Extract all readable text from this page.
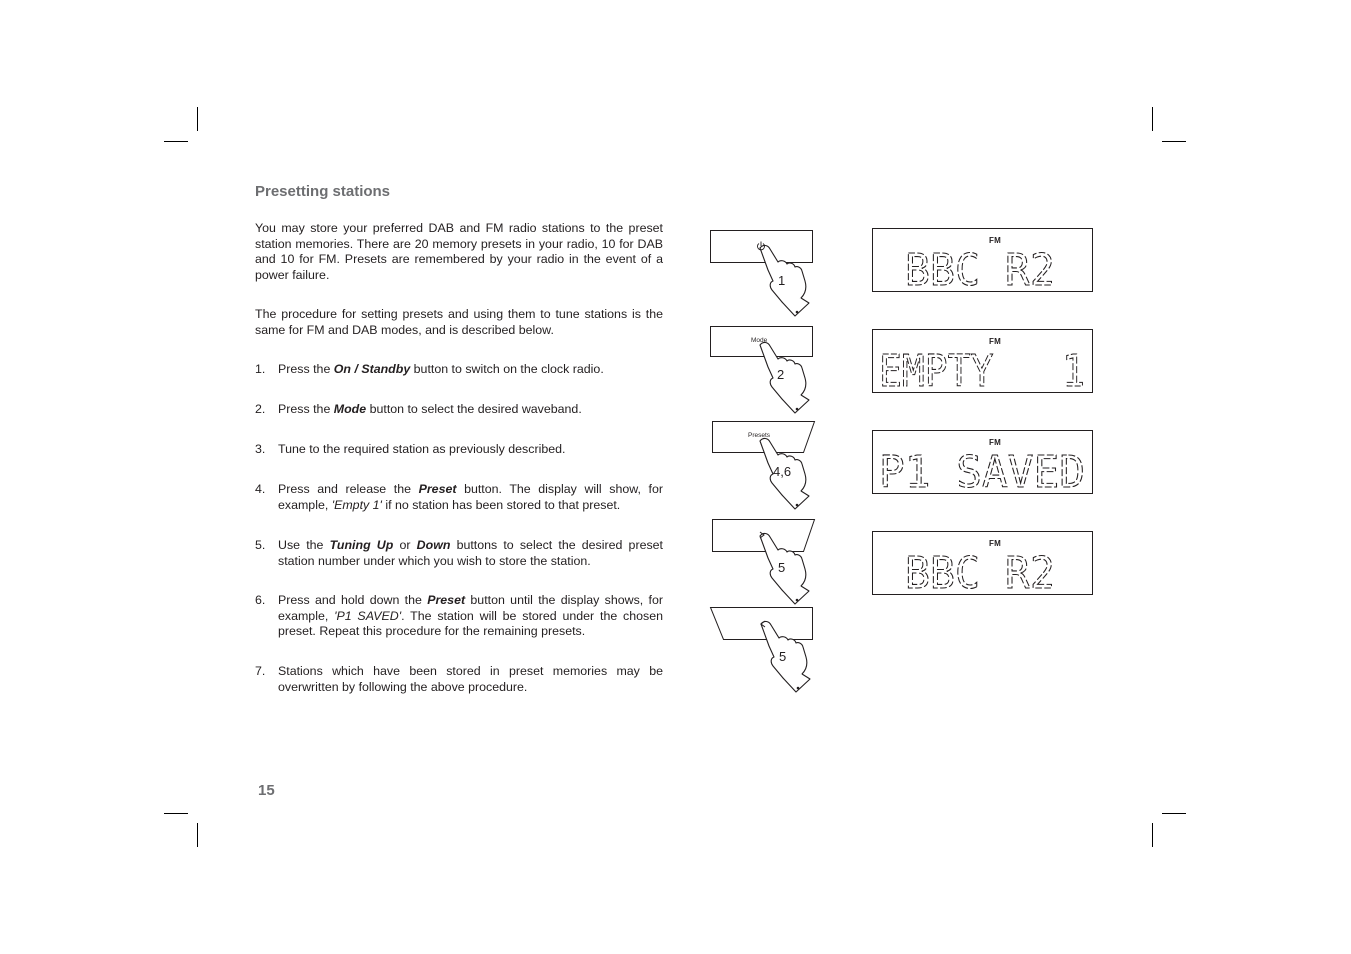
Presetting stations

You may store your preferred DAB and FM radio stations to the preset station memories. There are 20 memory presets in your radio, 10 for DAB and 10 for FM. Presets are remembered by your radio in the event of a power failure.

The procedure for setting presets and using them to tune stations is the same for FM and DAB modes, and is described below.

1.	Press the On / Standby button to switch on the clock radio.
2.	Press the Mode button to select the desired waveband.
3.	Tune to the required station as previously described.
4.	Press and release the Preset button. The display will show, for example, 'Empty 1' if no station has been stored to that preset.
5.	Use the Tuning Up or Down buttons to select the desired preset station number under which you wish to store the station.
6.	Press and hold down the Preset button until the display shows, for example, 'P1 SAVED'. The station will be stored under the chosen preset. Repeat this procedure for the remaining presets.
7.	Stations which have been stored in preset memories may be overwritten by following the above procedure.
15
1
Mode
2
Presets
4,6
5
5
FM
BBC R2
FM
EMPTY   1
FM
P1 SAVED
FM
BBC R2
